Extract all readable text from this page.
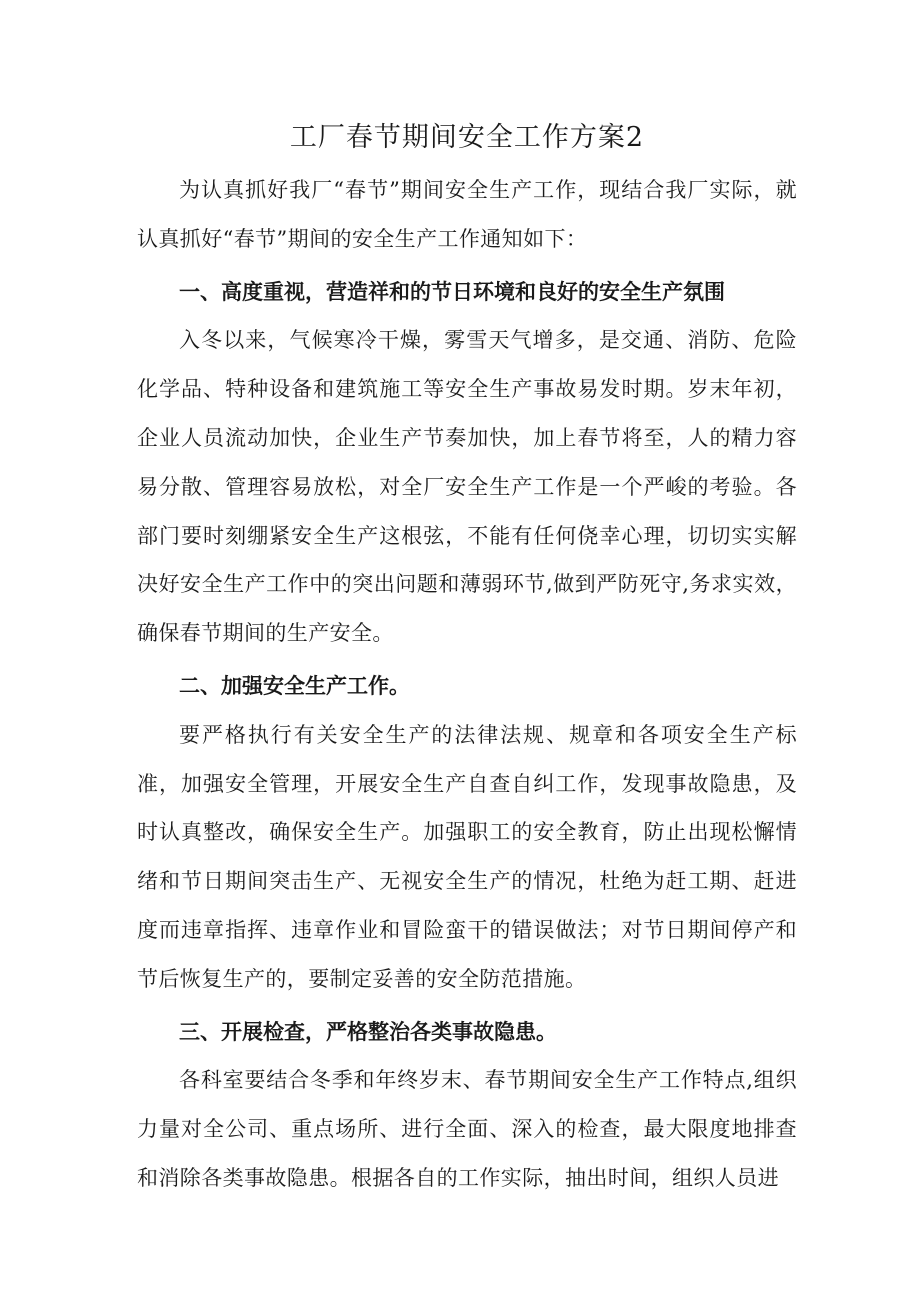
工厂春节期间安全工作方案2

为认真抓好我厂“春节”期间安全生产工作，现结合我厂实际，就认真抓好“春节”期间的安全生产工作通知如下：

一、高度重视，营造祥和的节日环境和良好的安全生产氛围

入冬以来，气候寒冷干燥，雾雪天气增多，是交通、消防、危险化学品、特种设备和建筑施工等安全生产事故易发时期。岁末年初，企业人员流动加快，企业生产节奏加快，加上春节将至，人的精力容易分散、管理容易放松，对全厂安全生产工作是一个严峻的考验。各部门要时刻绷紧安全生产这根弦，不能有任何侥幸心理，切切实实解决好安全生产工作中的突出问题和薄弱环节,做到严防死守,务求实效，确保春节期间的生产安全。

二、加强安全生产工作。

要严格执行有关安全生产的法律法规、规章和各项安全生产标准，加强安全管理，开展安全生产自查自纠工作，发现事故隐患，及时认真整改，确保安全生产。加强职工的安全教育，防止出现松懈情绪和节日期间突击生产、无视安全生产的情况，杜绝为赶工期、赶进度而违章指挥、违章作业和冒险蛮干的错误做法；对节日期间停产和节后恢复生产的，要制定妥善的安全防范措施。

三、开展检查，严格整治各类事故隐患。

各科室要结合冬季和年终岁末、春节期间安全生产工作特点,组织力量对全公司、重点场所、进行全面、深入的检查，最大限度地排查和消除各类事故隐患。根据各自的工作实际，抽出时间，组织人员进
